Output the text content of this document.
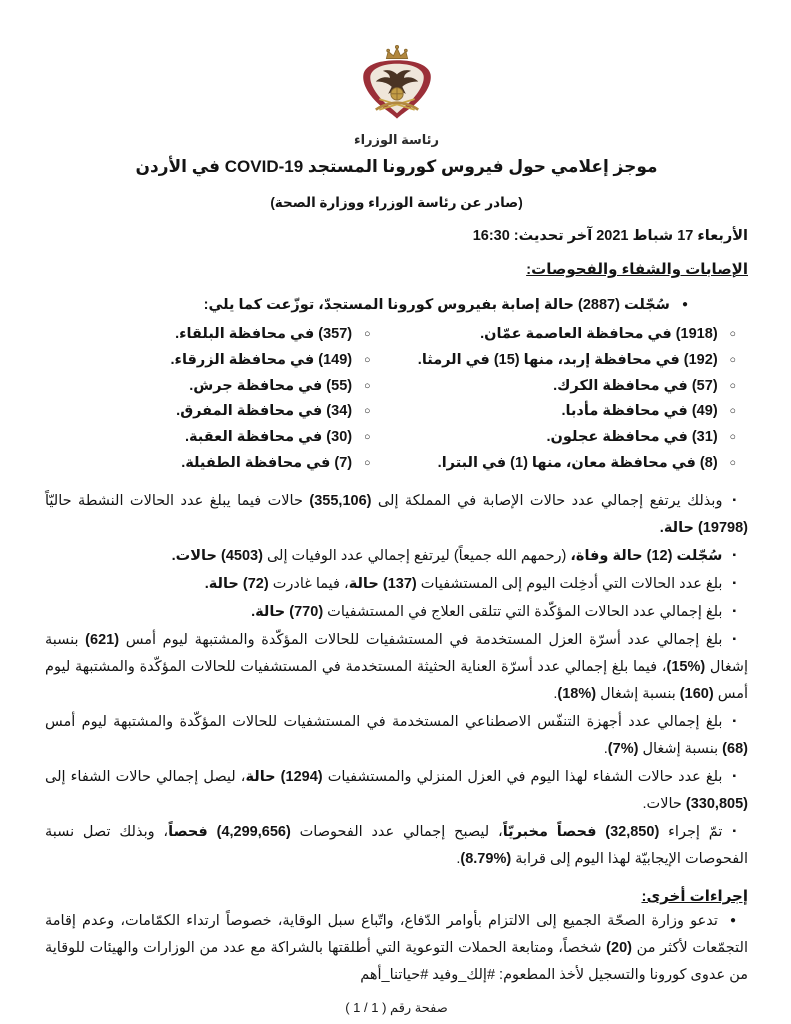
رئاسة الوزراء
موجز إعلامي حول فيروس كورونا المستجد COVID-19 في الأردن
(صادر عن رئاسة الوزراء ووزارة الصحة)
الأربعاء 17 شباط 2021 آخر تحديث: 16:30
الإصابات والشفاء والفحوصات:

●سُجّلت (2887) حالة إصابة بفيروس كورونا المستجدّ، توزّعت كما يلي:

○(1918) في محافظة العاصمة عمّان.
○(192) في محافظة إربد، منها (15) في الرمثا.
○(57) في محافظة الكرك.
○(49) في محافظة مأدبا.
○(31) في محافظة عجلون.
○(8) في محافظة معان، منها (1) في البترا.
○(357) في محافظة البلقاء.
○(149) في محافظة الزرقاء.
○(55) في محافظة جرش.
○(34) في محافظة المفرق.
○(30) في محافظة العقبة.
○(7) في محافظة الطفيلة.

▪وبذلك يرتفع إجمالي عدد حالات الإصابة في المملكة إلى (355,106) حالات فيما يبلغ عدد الحالات النشطة حاليّاً (19798) حالة.

▪سُجّلت (12) حالة وفاة، (رحمهم الله جميعاً) ليرتفع إجمالي عدد الوفيات إلى (4503) حالات.

▪بلغ عدد الحالات التي أدخِلت اليوم إلى المستشفيات (137) حالة، فيما غادرت (72) حالة.

▪بلغ إجمالي عدد الحالات المؤكّدة التي تتلقى العلاج في المستشفيات (770) حالة.

▪بلغ إجمالي عدد أسرّة العزل المستخدمة في المستشفيات للحالات المؤكّدة والمشتبهة ليوم أمس (621) بنسبة إشغال (%15)، فيما بلغ إجمالي عدد أسرّة العناية الحثيثة المستخدمة في المستشفيات للحالات المؤكّدة والمشتبهة ليوم أمس (160) بنسبة إشغال (%18).

▪بلغ إجمالي عدد أجهزة التنفّس الاصطناعي المستخدمة في المستشفيات للحالات المؤكّدة والمشتبهة ليوم أمس (68) بنسبة إشغال (%7).

▪بلغ عدد حالات الشفاء لهذا اليوم في العزل المنزلي والمستشفيات (1294) حالة، ليصل إجمالي حالات الشفاء إلى (330,805) حالات.

▪تمّ إجراء (32,850) فحصاً مخبريّاً، ليصبح إجمالي عدد الفحوصات (4,299,656) فحصاً، وبذلك تصل نسبة الفحوصات الإيجابيّة لهذا اليوم إلى قرابة (%8.79).

إجراءات أخرى:

●تدعو وزارة الصحّة الجميع إلى الالتزام بأوامر الدّفاع، واتّباع سبل الوقاية، خصوصاً ارتداء الكمّامات، وعدم إقامة التجمّعات لأكثر من (20) شخصاً، ومتابعة الحملات التوعوية التي أطلقتها بالشراكة مع عدد من الوزارات والهيئات للوقاية من عدوى كورونا والتسجيل لأخذ المطعوم: #إلك_وفيد #حياتنا_أهم

صفحة رقم ( 1 / 1 )
